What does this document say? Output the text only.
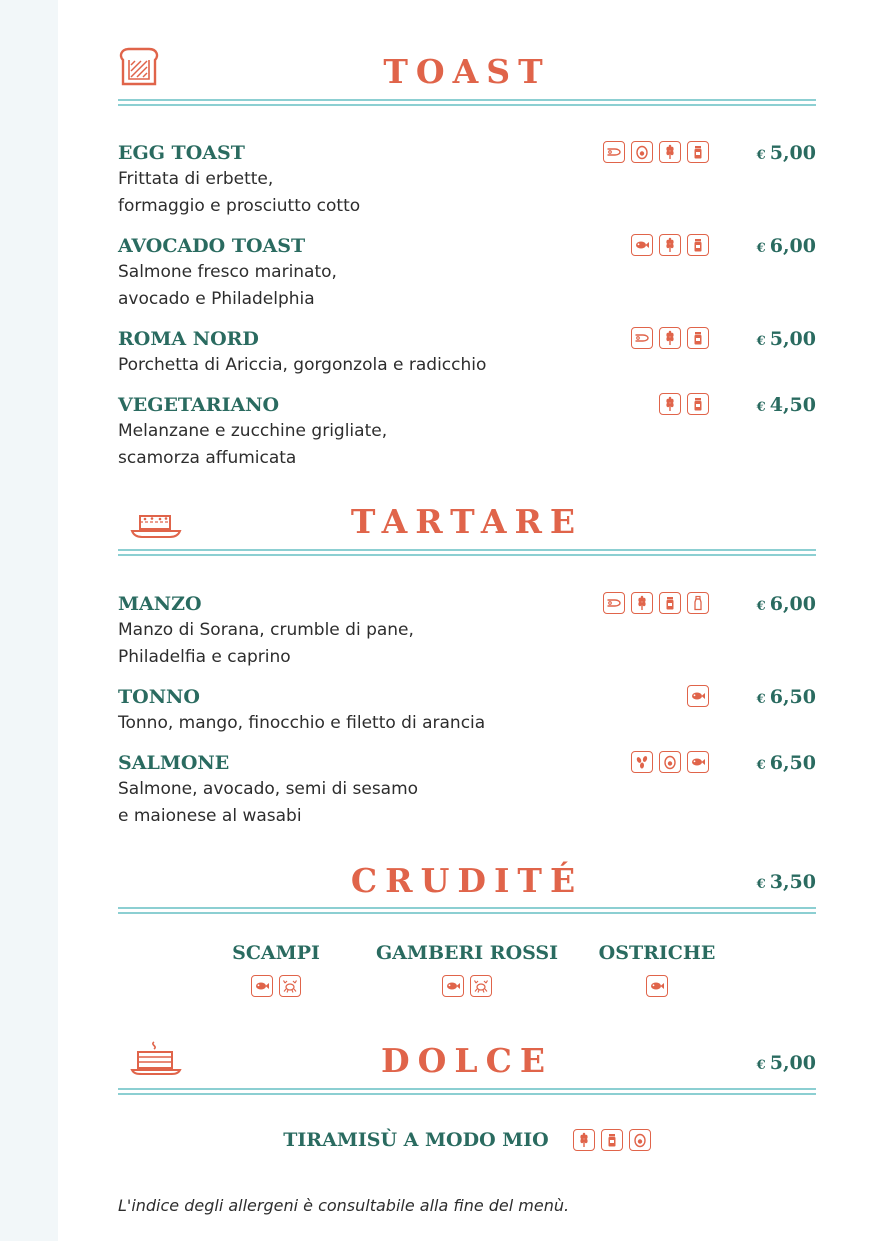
TOAST
EGG TOAST
Frittata di erbette,
formaggio e prosciutto cotto
€ 5,00
AVOCADO TOAST
Salmone fresco marinato,
avocado e Philadelphia
€ 6,00
ROMA NORD
Porchetta di Ariccia, gorgonzola e radicchio
€ 5,00
VEGETARIANO
Melanzane e zucchine grigliate,
scamorza affumicata
€ 4,50
TARTARE
MANZO
Manzo di Sorana, crumble di pane,
Philadelfia e caprino
€ 6,00
TONNO
Tonno, mango, finocchio e filetto di arancia
€ 6,50
SALMONE
Salmone, avocado, semi di sesamo
e maionese al wasabi
€ 6,50
CRUDITÉ	€ 3,50
SCAMPI	GAMBERI ROSSI	OSTRICHE
DOLCE	€ 5,00
TIRAMISÙ A MODO MIO
L'indice degli allergeni è consultabile alla fine del menù.
